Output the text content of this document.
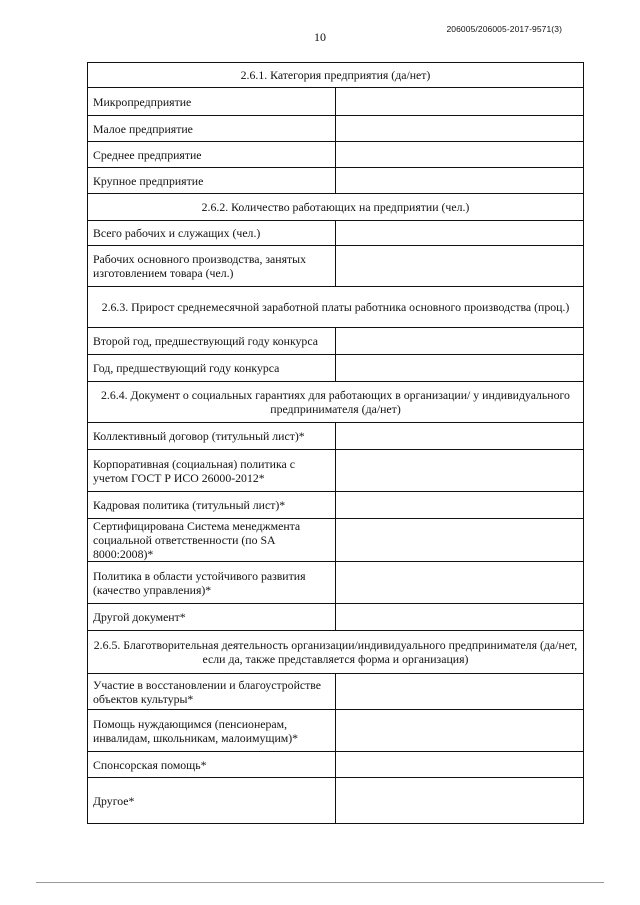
10
206005/206005-2017-9571(3)
2.6.1. Категория предприятия (да/нет)	
Микропредприятие	
Малое предприятие	
Среднее предприятие	
Крупное предприятие	
2.6.2. Количество работающих на предприятии (чел.)	
Всего рабочих и служащих (чел.)	
Рабочих основного производства, занятых изготовлением товара (чел.)	
2.6.3. Прирост среднемесячной заработной платы работника основного производства (проц.)	
Второй год, предшествующий году конкурса	
Год, предшествующий году конкурса	
2.6.4. Документ о социальных гарантиях для работающих в организации/ у индивидуального предпринимателя (да/нет)	
Коллективный договор (титульный лист)*	
Корпоративная (социальная) политика с учетом ГОСТ Р ИСО 26000-2012*	
Кадровая политика (титульный лист)*	
Сертифицирована Система менеджмента социальной ответственности (по SA 8000:2008)*	
Политика в области устойчивого развития (качество управления)*	
Другой документ*	
2.6.5. Благотворительная деятельность организации/индивидуального предпринимателя (да/нет, если да, также представляется форма и организация)	
Участие в восстановлении и благоустройстве объектов культуры*	
Помощь нуждающимся (пенсионерам, инвалидам, школьникам, малоимущим)*	
Спонсорская помощь*	
Другое*	
